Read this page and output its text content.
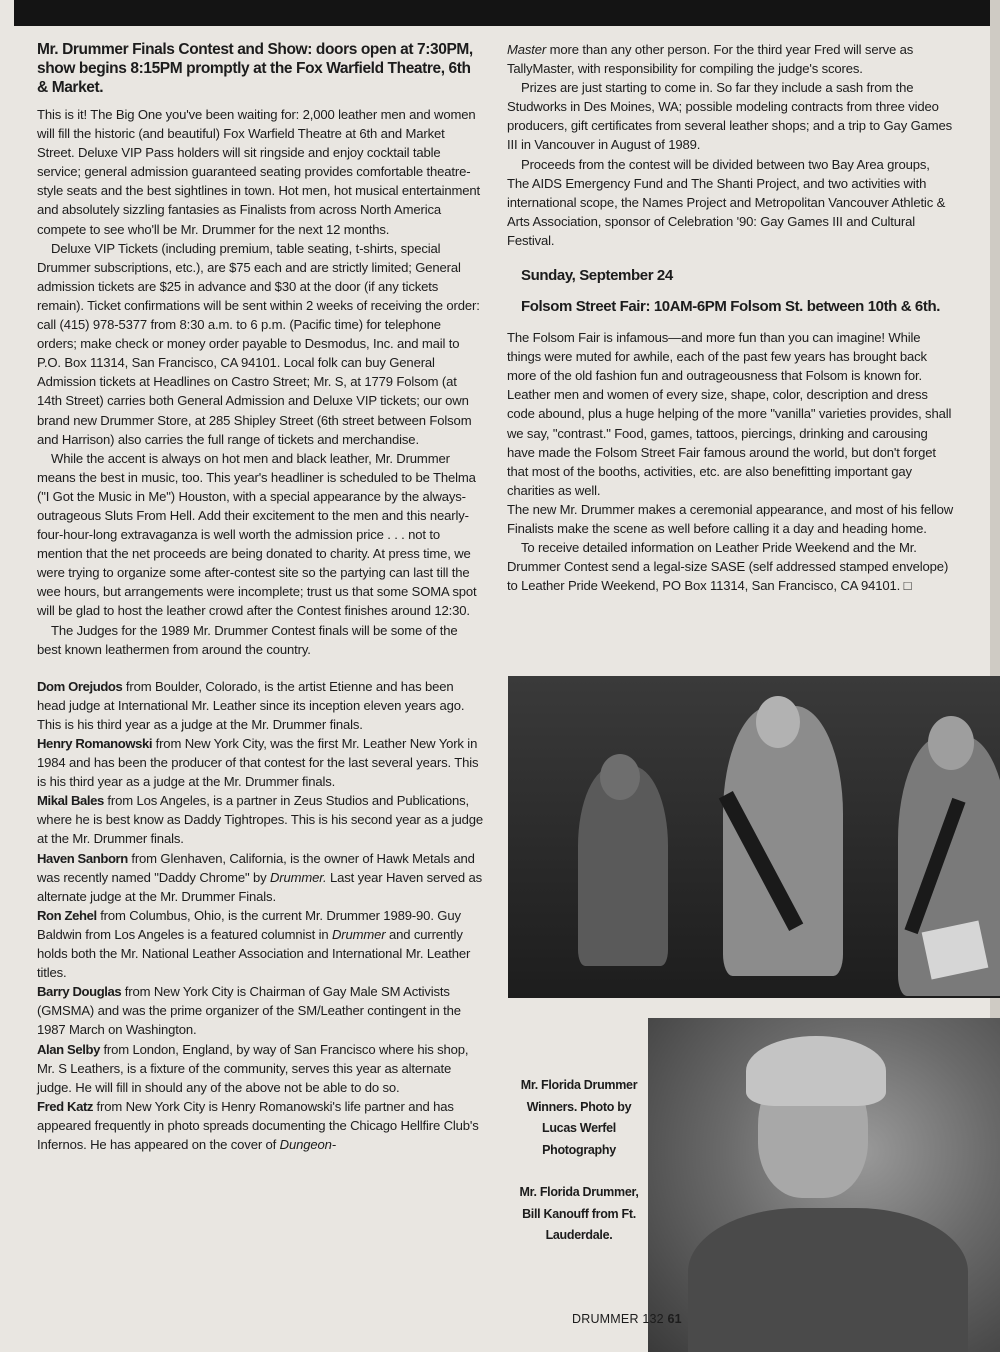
Mr. Drummer Finals Contest and Show: doors open at 7:30PM, show begins 8:15PM promptly at the Fox Warfield Theatre, 6th & Market.

This is it! The Big One you've been waiting for: 2,000 leather men and women will fill the historic (and beautiful) Fox Warfield Theatre at 6th and Market Street. Deluxe VIP Pass holders will sit ringside and enjoy cocktail table service; general admission guaranteed seating provides comfortable theatre-style seats and the best sightlines in town. Hot men, hot musical entertainment and absolutely sizzling fantasies as Finalists from across North America compete to see who'll be Mr. Drummer for the next 12 months.

Deluxe VIP Tickets (including premium, table seating, t-shirts, special Drummer subscriptions, etc.), are $75 each and are strictly limited; General admission tickets are $25 in advance and $30 at the door (if any tickets remain). Ticket confirmations will be sent within 2 weeks of receiving the order: call (415) 978-5377 from 8:30 a.m. to 6 p.m. (Pacific time) for telephone orders; make check or money order payable to Desmodus, Inc. and mail to P.O. Box 11314, San Francisco, CA 94101. Local folk can buy General Admission tickets at Headlines on Castro Street; Mr. S, at 1779 Folsom (at 14th Street) carries both General Admission and Deluxe VIP tickets; our own brand new Drummer Store, at 285 Shipley Street (6th street between Folsom and Harrison) also carries the full range of tickets and merchandise.

While the accent is always on hot men and black leather, Mr. Drummer means the best in music, too. This year's headliner is scheduled to be Thelma ("I Got the Music in Me") Houston, with a special appearance by the always-outrageous Sluts From Hell. Add their excitement to the men and this nearly-four-hour-long extravaganza is well worth the admission price . . . not to mention that the net proceeds are being donated to charity. At press time, we were trying to organize some after-contest site so the partying can last till the wee hours, but arrangements were incomplete; trust us that some SOMA spot will be glad to host the leather crowd after the Contest finishes around 12:30.

The Judges for the 1989 Mr. Drummer Contest finals will be some of the best known leathermen from around the country.

Dom Orejudos from Boulder, Colorado, is the artist Etienne and has been head judge at International Mr. Leather since its inception eleven years ago. This is his third year as a judge at the Mr. Drummer finals.

Henry Romanowski from New York City, was the first Mr. Leather New York in 1984 and has been the producer of that contest for the last several years. This is his third year as a judge at the Mr. Drummer finals.

Mikal Bales from Los Angeles, is a partner in Zeus Studios and Publications, where he is best know as Daddy Tightropes. This is his second year as a judge at the Mr. Drummer finals.

Haven Sanborn from Glenhaven, California, is the owner of Hawk Metals and was recently named "Daddy Chrome" by Drummer. Last year Haven served as alternate judge at the Mr. Drummer Finals.

Ron Zehel from Columbus, Ohio, is the current Mr. Drummer 1989-90. Guy Baldwin from Los Angeles is a featured columnist in Drummer and currently holds both the Mr. National Leather Association and International Mr. Leather titles.

Barry Douglas from New York City is Chairman of Gay Male SM Activists (GMSMA) and was the prime organizer of the SM/Leather contingent in the 1987 March on Washington.

Alan Selby from London, England, by way of San Francisco where his shop, Mr. S Leathers, is a fixture of the community, serves this year as alternate judge. He will fill in should any of the above not be able to do so.

Fred Katz from New York City is Henry Romanowski's life partner and has appeared frequently in photo spreads documenting the Chicago Hellfire Club's Infernos. He has appeared on the cover of Dungeon-

Master more than any other person. For the third year Fred will serve as TallyMaster, with responsibility for compiling the judge's scores.

Prizes are just starting to come in. So far they include a sash from the Studworks in Des Moines, WA; possible modeling contracts from three video producers, gift certificates from several leather shops; and a trip to Gay Games III in Vancouver in August of 1989.

Proceeds from the contest will be divided between two Bay Area groups, The AIDS Emergency Fund and The Shanti Project, and two activities with international scope, the Names Project and Metropolitan Vancouver Athletic & Arts Association, sponsor of Celebration '90: Gay Games III and Cultural Festival.

Sunday, September 24

Folsom Street Fair: 10AM-6PM Folsom St. between 10th & 6th.

The Folsom Fair is infamous—and more fun than you can imagine! While things were muted for awhile, each of the past few years has brought back more of the old fashion fun and outrageousness that Folsom is known for. Leather men and women of every size, shape, color, description and dress code abound, plus a huge helping of the more "vanilla" varieties provides, shall we say, "contrast." Food, games, tattoos, piercings, drinking and carousing have made the Folsom Street Fair famous around the world, but don't forget that most of the booths, activities, etc. are also benefitting important gay charities as well.

The new Mr. Drummer makes a ceremonial appearance, and most of his fellow Finalists make the scene as well before calling it a day and heading home.

To receive detailed information on Leather Pride Weekend and the Mr. Drummer Contest send a legal-size SASE (self addressed stamped envelope) to Leather Pride Weekend, PO Box 11314, San Francisco, CA 94101. □

Mr. Florida Drummer Winners. Photo by Lucas Werfel Photography
Mr. Florida Drummer, Bill Kanouff from Ft. Lauderdale.
DRUMMER 132 61
